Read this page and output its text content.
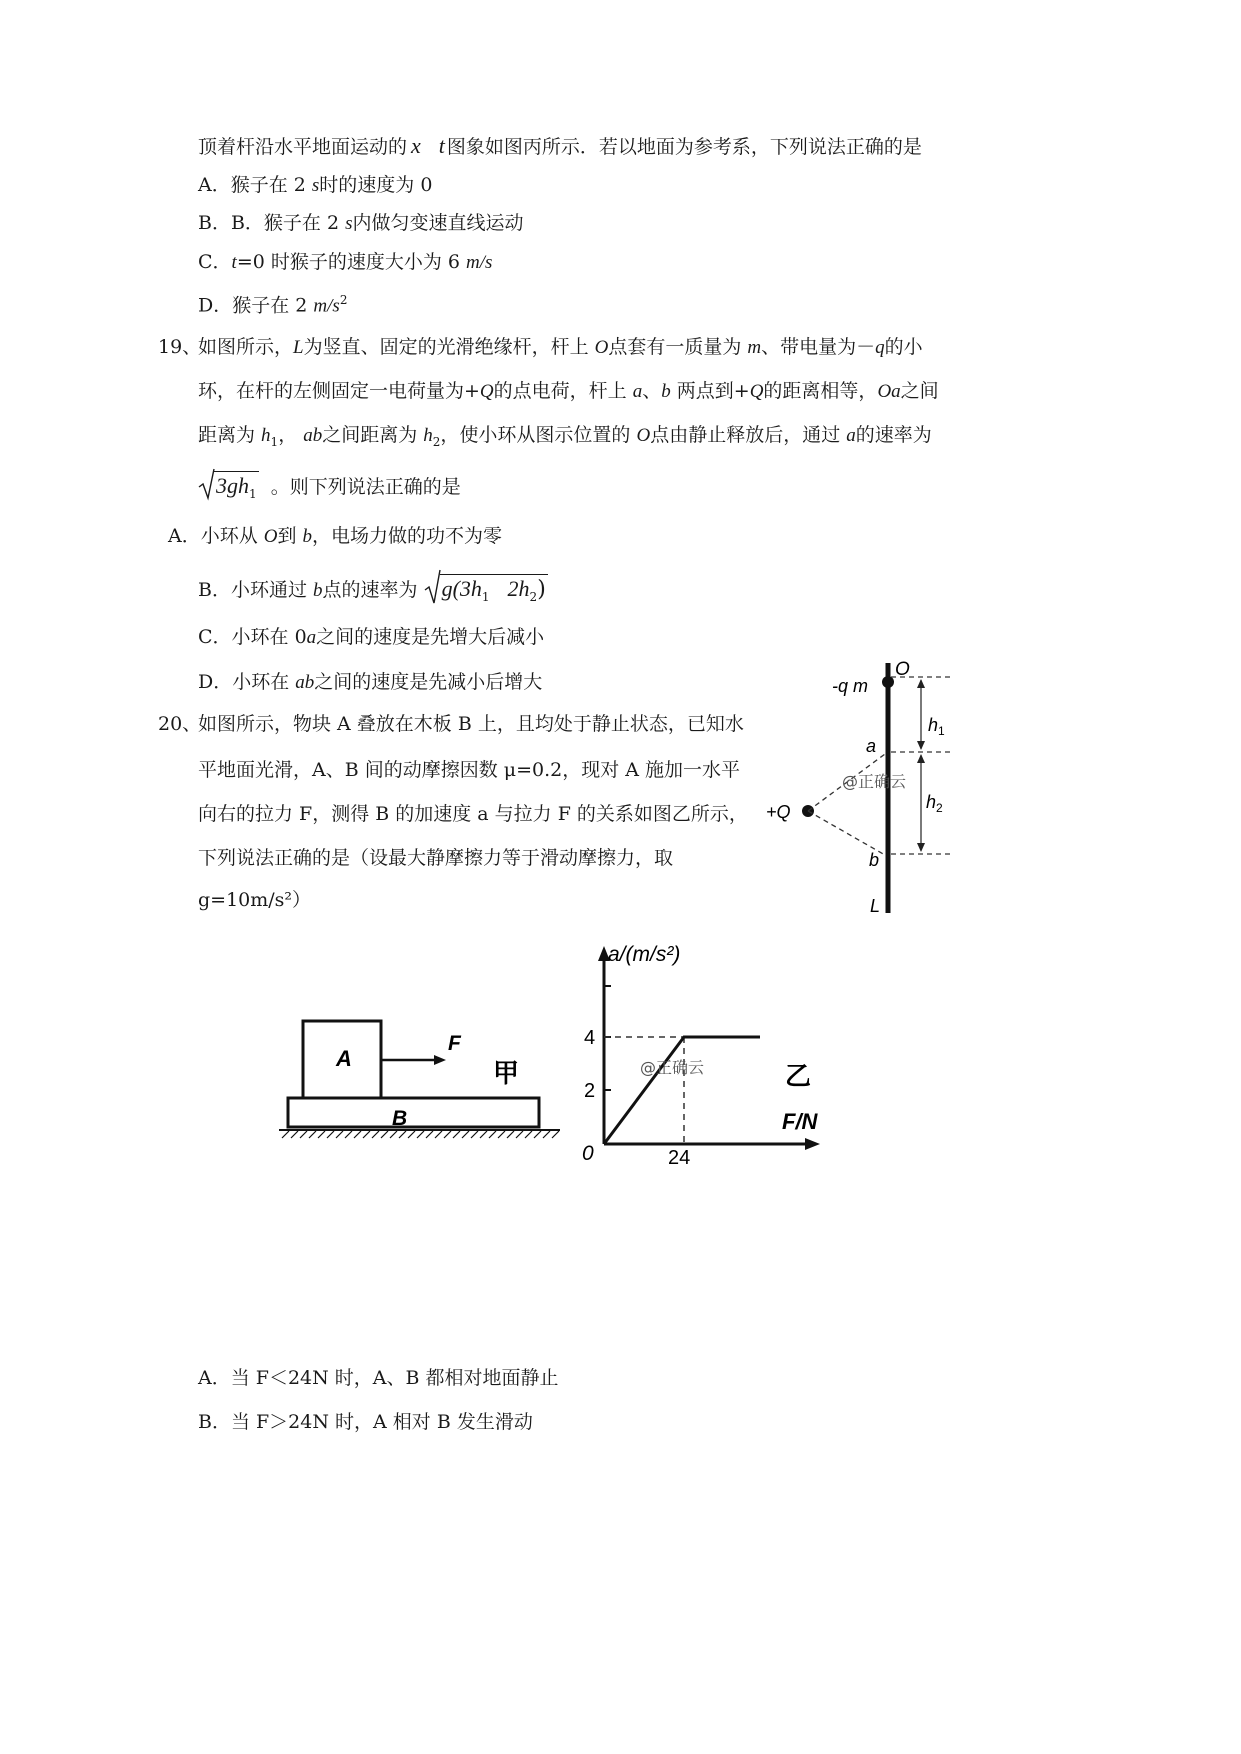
顶着杆沿水平地面运动的 x t 图象如图丙所示．若以地面为参考系，下列说法正确的是
A．猴子在 2 s时的速度为 0
B．B．猴子在 2 s内做匀变速直线运动
C．t=0 时猴子的速度大小为 6 m/s
D．猴子在 2 $m/s^2$
19、
如图所示，L为竖直、固定的光滑绝缘杆，杆上 O点套有一质量为 m、带电量为－q的小
环，在杆的左侧固定一电荷量为+Q的点电荷，杆上 a、b 两点到+Q的距离相等，Oa之间
距离为 $h_1$， ab之间距离为 $h_2$，使小环从图示位置的 O点由静止释放后，通过 a的速率为
$3gh_1$ 。则下列说法正确的是
A．小环从 O到 b，电场力做的功不为零
B．小环通过 b点的速率为 $g(3h_1$ $2h_2$)
C．小环在 0a之间的速度是先增大后减小
D．小环在 ab之间的速度是先减小后增大
O
-q m
a
$h_1$
$h_2$
+Q
b
L
@正确云
20、
如图所示，物块 A 叠放在木板 B 上，且均处于静止状态，已知水
平地面光滑，A、B 间的动摩擦因数 μ=0.2，现对 A 施加一水平
向右的拉力 F，测得 B 的加速度 a 与拉力 F 的关系如图乙所示，
下列说法正确的是（设最大静摩擦力等于滑动摩擦力，取
g=10m/s²）
A
B
F
甲
a/(m/s²)
F/N
0
4
2
24
乙
@正确云
A．当 F＜24N 时，A、B 都相对地面静止
B．当 F＞24N 时，A 相对 B 发生滑动
